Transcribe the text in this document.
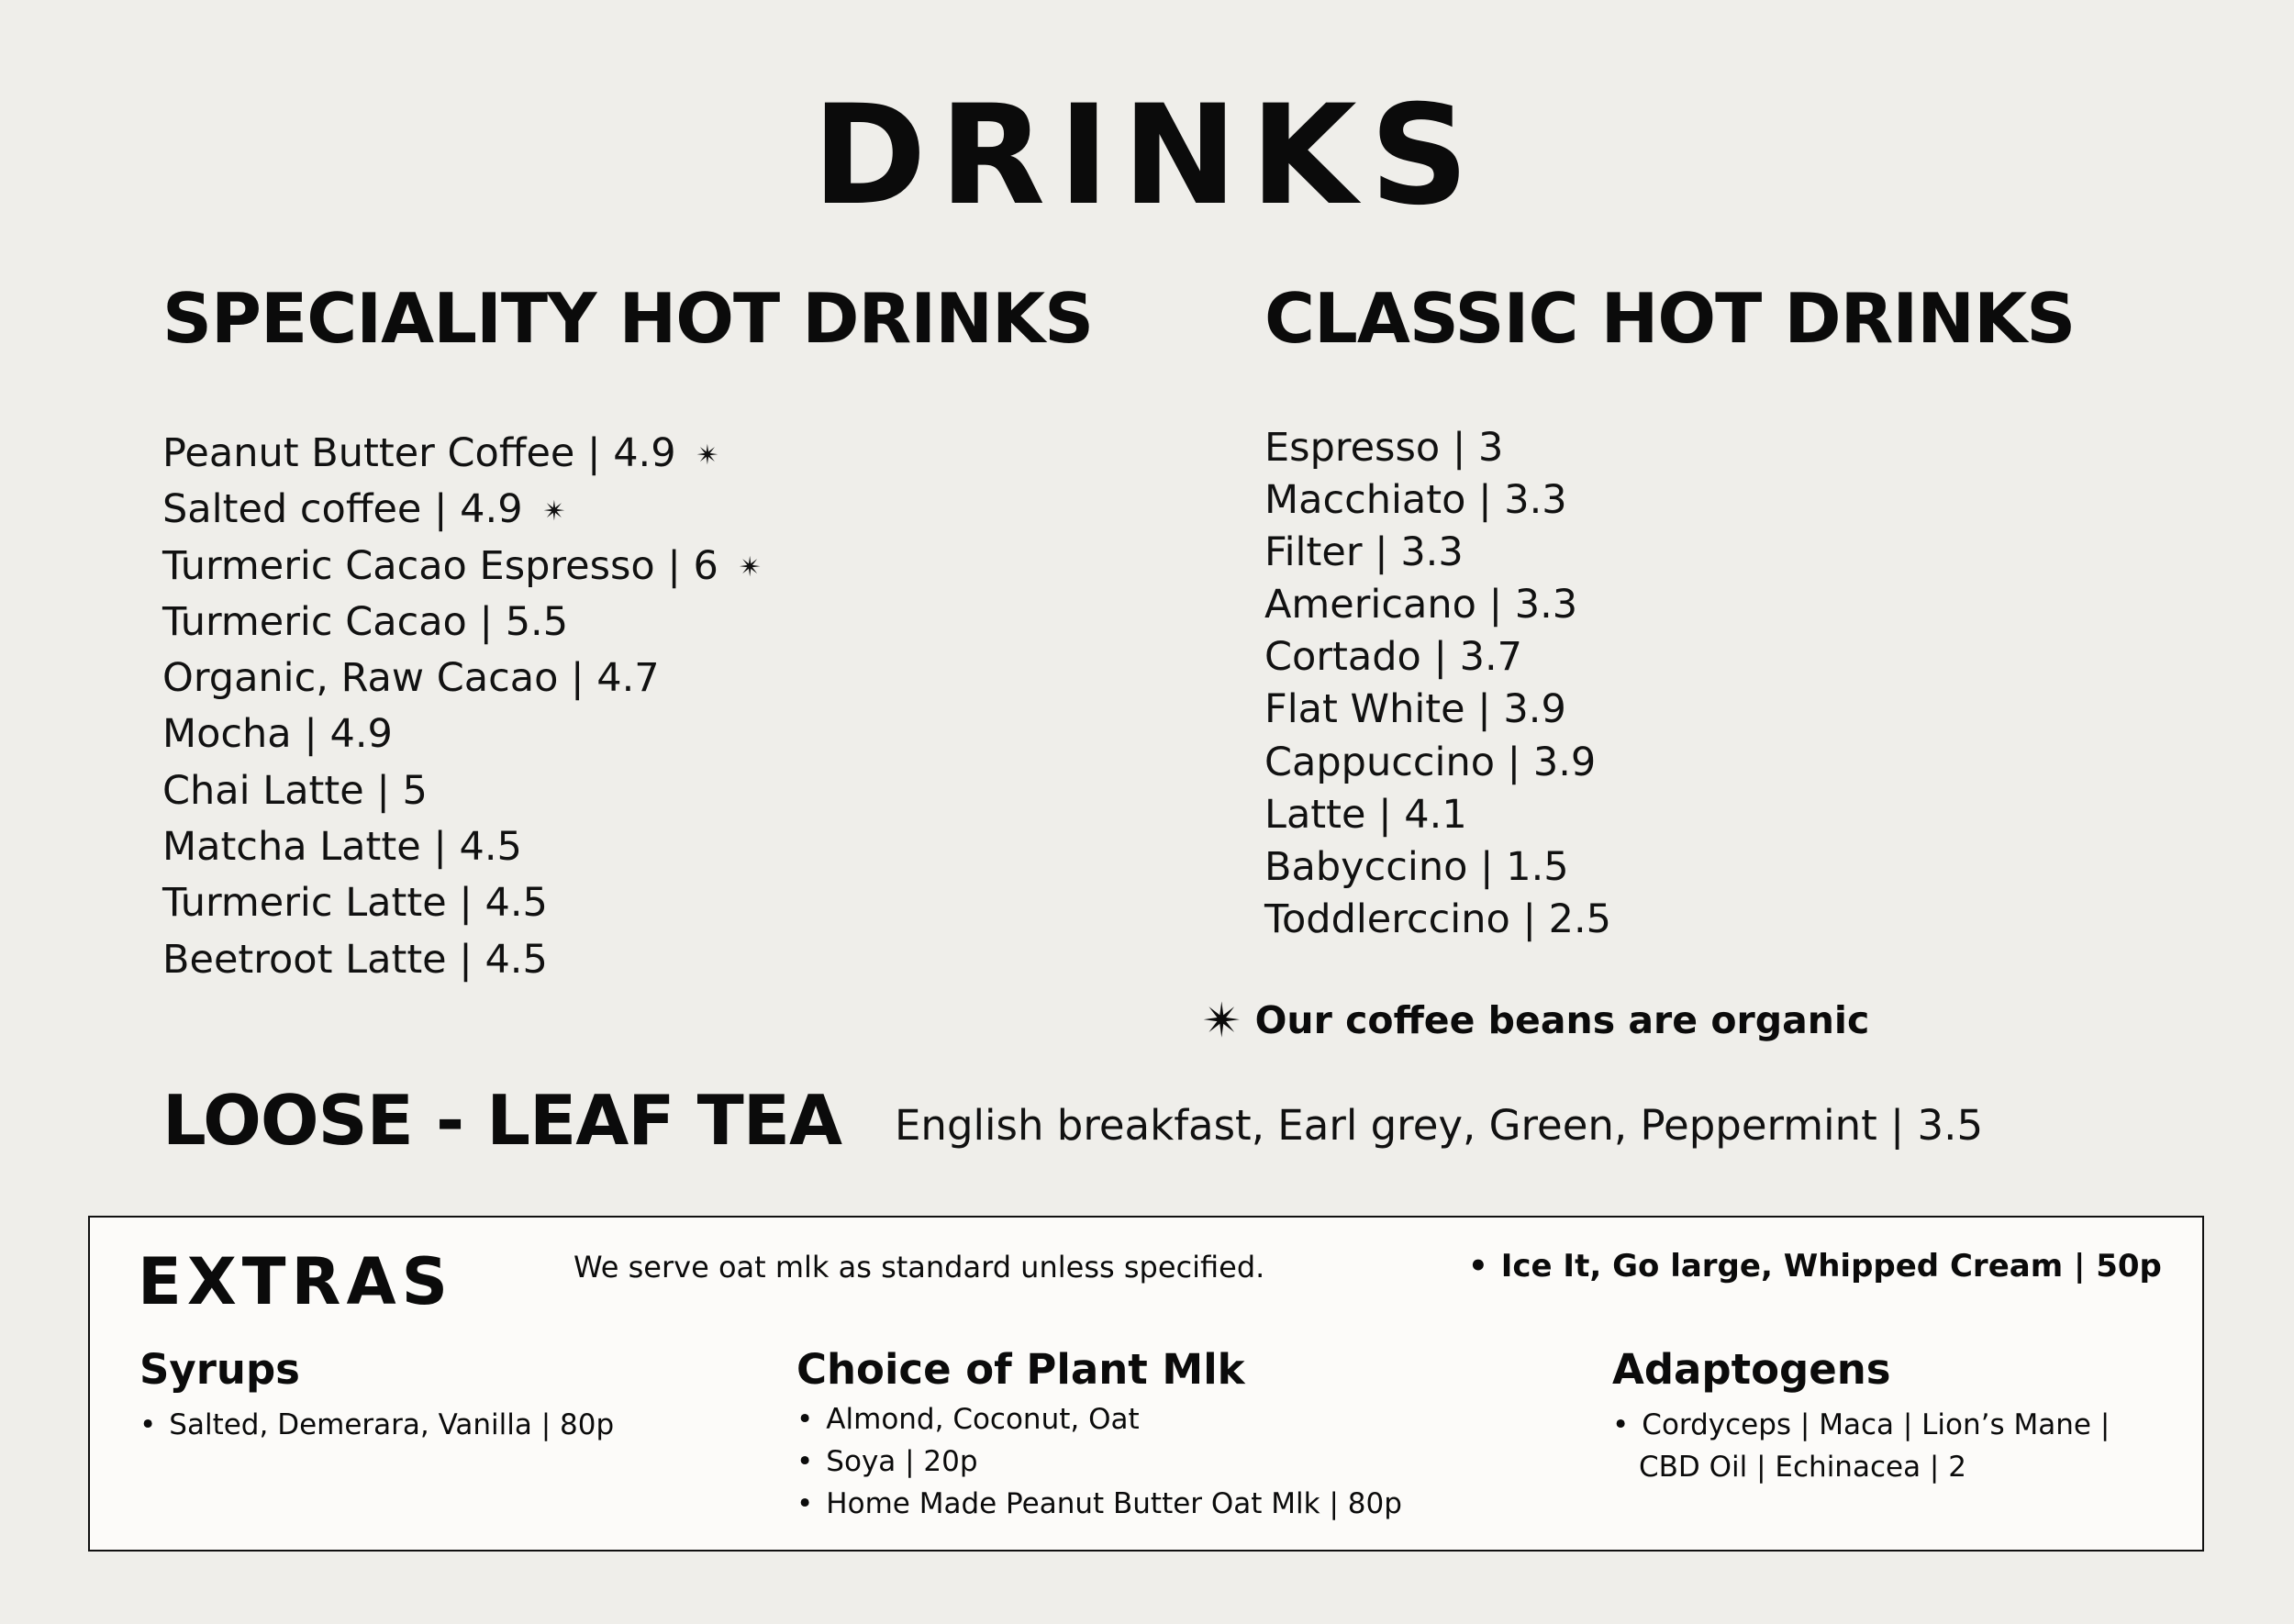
DRINKS
SPECIALITY HOT DRINKS
Peanut Butter Coffee | 4.9 ✴
Salted coffee | 4.9 ✴
Turmeric Cacao Espresso | 6 ✴
Turmeric Cacao | 5.5
Organic, Raw Cacao | 4.7
Mocha | 4.9
Chai Latte | 5
Matcha Latte | 4.5
Turmeric Latte | 4.5
Beetroot Latte | 4.5
CLASSIC HOT DRINKS
Espresso | 3
Macchiato | 3.3
Filter | 3.3
Americano | 3.3
Cortado | 3.7
Flat White | 3.9
Cappuccino | 3.9
Latte | 4.1
Babyccino | 1.5
Toddlerccino | 2.5
✴ Our coffee beans are organic
LOOSE - LEAF TEA English breakfast, Earl grey, Green, Peppermint | 3.5
EXTRAS	We serve oat mlk as standard unless specified.
•	Ice It, Go large, Whipped Cream | 50p
Syrups
• Salted, Demerara, Vanilla | 80p
Choice of Plant Mlk
• Almond, Coconut, Oat
• Soya | 20p
• Home Made Peanut Butter Oat Mlk | 80p
Adaptogens
• Cordyceps | Maca | Lion’s Mane |
CBD Oil | Echinacea | 2
